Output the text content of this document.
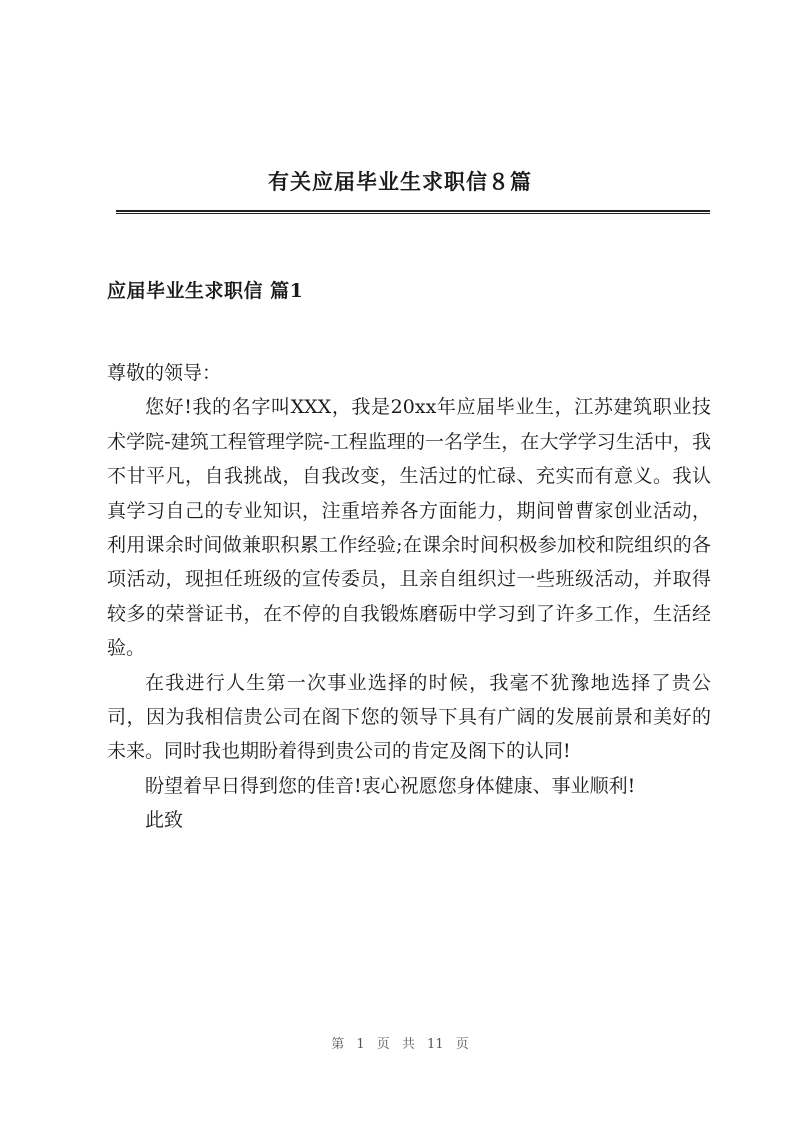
有关应届毕业生求职信８篇
应届毕业生求职信 篇1

尊敬的领导：

您好!我的名字叫XXX，我是20xx年应届毕业生，江苏建筑职业技术学院-建筑工程管理学院-工程监理的一名学生，在大学学习生活中，我不甘平凡，自我挑战，自我改变，生活过的忙碌、充实而有意义。我认真学习自己的专业知识，注重培养各方面能力，期间曾曹家创业活动，利用课余时间做兼职积累工作经验;在课余时间积极参加校和院组织的各项活动，现担任班级的宣传委员，且亲自组织过一些班级活动，并取得较多的荣誉证书，在不停的自我锻炼磨砺中学习到了许多工作，生活经验。

在我进行人生第一次事业选择的时候，我毫不犹豫地选择了贵公司，因为我相信贵公司在阁下您的领导下具有广阔的发展前景和美好的未来。同时我也期盼着得到贵公司的肯定及阁下的认同!

盼望着早日得到您的佳音!衷心祝愿您身体健康、事业顺利!

此致

第 1 页 共 11 页
